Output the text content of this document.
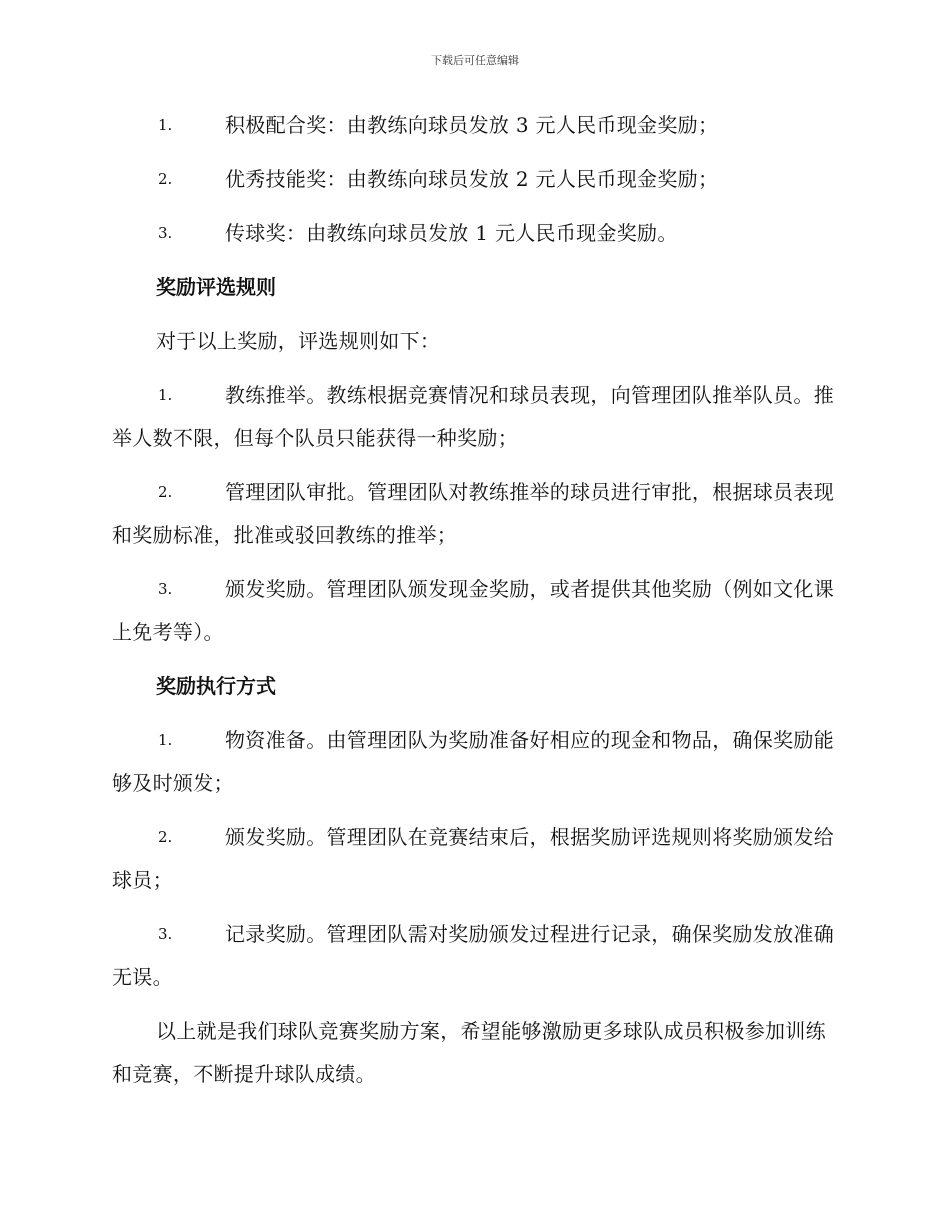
下载后可任意编辑
1.	积极配合奖：由教练向球员发放 3 元人民币现金奖励；
2.	优秀技能奖：由教练向球员发放 2 元人民币现金奖励；
3.	传球奖：由教练向球员发放 1 元人民币现金奖励。
奖励评选规则
对于以上奖励，评选规则如下：
1.	教练推举。教练根据竞赛情况和球员表现，向管理团队推举队员。推举人数不限，但每个队员只能获得一种奖励；
2.	管理团队审批。管理团队对教练推举的球员进行审批，根据球员表现和奖励标准，批准或驳回教练的推举；
3.	颁发奖励。管理团队颁发现金奖励，或者提供其他奖励（例如文化课上免考等）。
奖励执行方式
1.	物资准备。由管理团队为奖励准备好相应的现金和物品，确保奖励能够及时颁发；
2.	颁发奖励。管理团队在竞赛结束后，根据奖励评选规则将奖励颁发给球员；
3.	记录奖励。管理团队需对奖励颁发过程进行记录，确保奖励发放准确无误。
以上就是我们球队竞赛奖励方案，希望能够激励更多球队成员积极参加训练和竞赛，不断提升球队成绩。
